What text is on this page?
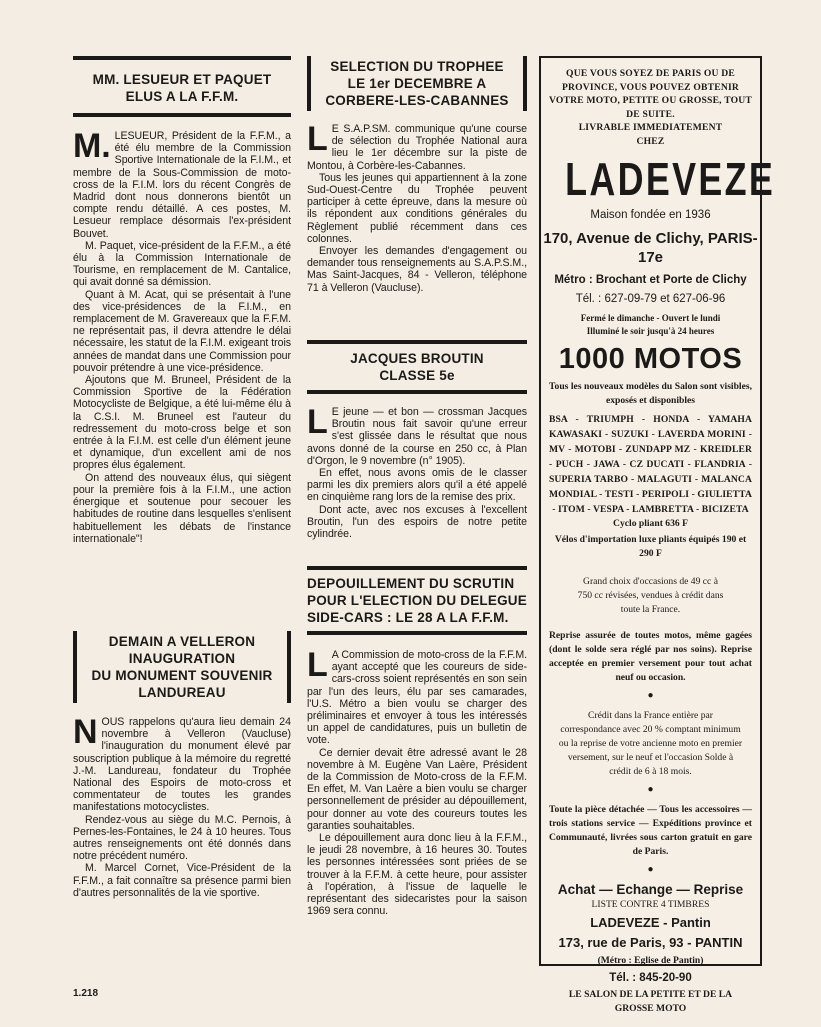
MM. LESUEUR ET PAQUET

ELUS A LA F.F.M.

M. LESUEUR, Président de la F.F.M., a été élu membre de la Commission Sportive Internationale de la F.I.M., et membre de la Sous-Commission de moto-cross de la F.I.M. lors du récent Congrès de Madrid dont nous donnerons bientôt un compte rendu détaillé. A ces postes, M. Lesueur remplace désormais l'ex-président Bouvet.

M. Paquet, vice-président de la F.F.M., a été élu à la Commission Internationale de Tourisme, en remplacement de M. Cantalice, qui avait donné sa démission.

Quant à M. Acat, qui se présentait à l'une des vice-présidences de la F.I.M., en remplacement de M. Gravereaux que la F.F.M. ne représentait pas, il devra attendre le délai nécessaire, les statut de la F.I.M. exigeant trois années de mandat dans une Commission pour pouvoir prétendre à une vice-présidence.

Ajoutons que M. Bruneel, Président de la Commission Sportive de la Fédération Motocycliste de Belgique, a été lui-même élu à la C.S.I. M. Bruneel est l'auteur du redressement du moto-cross belge et son entrée à la F.I.M. est celle d'un élément jeune et dynamique, d'un excellent ami de nos propres élus également.

On attend des nouveaux élus, qui siègent pour la première fois à la F.I.M., une action énergique et soutenue pour secouer les habitudes de routine dans lesquelles s'enlisent habituellement les débats de l'instance internationale"!

DEMAIN A VELLERON

INAUGURATION

DU MONUMENT SOUVENIR

LANDUREAU

NOUS rappelons qu'aura lieu demain 24 novembre à Velleron (Vaucluse) l'inauguration du monument élevé par souscription publique à la mémoire du regretté J.-M. Landureau, fondateur du Trophée National des Espoirs de moto-cross et commentateur de toutes les grandes manifestations motocyclistes.

Rendez-vous au siège du M.C. Pernois, à Pernes-les-Fontaines, le 24 à 10 heures. Tous autres renseignements ont été donnés dans notre précédent numéro.

M. Marcel Cornet, Vice-Président de la F.F.M., a fait connaître sa présence parmi bien d'autres personnalités de la vie sportive.

1.218

SELECTION DU TROPHEE

LE 1er DECEMBRE A

CORBERE-LES-CABANNES

L E S.A.P.SM. communique qu'une course de sélection du Trophée National aura lieu le 1er décembre sur la piste de Montou, à Corbère-les-Cabannes.

Tous les jeunes qui appartiennent à la zone Sud-Ouest-Centre du Trophée peuvent participer à cette épreuve, dans la mesure où ils répondent aux conditions générales du Règlement publié récemment dans ces colonnes.

Envoyer les demandes d'engagement ou demander tous renseignements au S.A.P.S.M., Mas Saint-Jacques, 84 - Velleron, téléphone 71 à Velleron (Vaucluse).

JACQUES BROUTIN

CLASSE 5e

L E jeune — et bon — crossman Jacques Broutin nous fait savoir qu'une erreur s'est glissée dans le résultat que nous avons donné de la course en 250 cc, à Plan d'Orgon, le 9 novembre (n° 1905).

En effet, nous avons omis de le classer parmi les dix premiers alors qu'il a été appelé en cinquième rang lors de la remise des prix.

Dont acte, avec nos excuses à l'excellent Broutin, l'un des espoirs de notre petite cylindrée.

DEPOUILLEMENT DU SCRUTIN

POUR L'ELECTION DU DELEGUE

SIDE-CARS : LE 28 A LA F.F.M.

L A Commission de moto-cross de la F.F.M. ayant accepté que les coureurs de side-cars-cross soient représentés en son sein par l'un des leurs, élu par ses camarades, l'U.S. Métro a bien voulu se charger des préliminaires et envoyer à tous les intéressés un appel de candidatures, puis un bulletin de vote.

Ce dernier devait être adressé avant le 28 novembre à M. Eugène Van Laère, Président de la Commission de Moto-cross de la F.F.M. En effet, M. Van Laère a bien voulu se charger personnellement de présider au dépouillement, pour donner au vote des coureurs toutes les garanties souhaitables.

Le dépouillement aura donc lieu à la F.F.M., le jeudi 28 novembre, à 16 heures 30. Toutes les personnes intéressées sont priées de se trouver à la F.F.M. à cette heure, pour assister à l'opération, à l'issue de laquelle le représentant des sidecaristes pour la saison 1969 sera connu.

QUE VOUS SOYEZ DE PARIS OU DE PROVINCE, VOUS POUVEZ OBTENIR VOTRE MOTO, PETITE OU GROSSE, TOUT DE SUITE.
LIVRABLE IMMEDIATEMENT
CHEZ
LADEVEZE
Maison fondée en 1936
170, Avenue de Clichy, PARIS-17e
Métro : Brochant et Porte de Clichy
Tél. : 627-09-79 et 627-06-96
Fermé le dimanche - Ouvert le lundi
Illuminé le soir jusqu'à 24 heures
1000 MOTOS
Tous les nouveaux modèles du Salon sont visibles, exposés et disponibles
BSA - TRIUMPH - HONDA - YAMAHA KAWASAKI - SUZUKI - LAVERDA MORINI - MV - MOTOBI - ZUNDAPP MZ - KREIDLER - PUCH - JAWA - CZ DUCATI - FLANDRIA - SUPERIA TARBO - MALAGUTI - MALANCA MONDIAL - TESTI - PERIPOLI - GIULIETTA - ITOM - VESPA - LAMBRETTA - BICIZETA
Cyclo pliant 636 F
Vélos d'importation luxe pliants équipés 190 et 290 F
Grand choix d'occasions de 49 cc à 750 cc révisées, vendues à crédit dans toute la France.
Reprise assurée de toutes motos, même gagées (dont le solde sera réglé par nos soins). Reprise acceptée en premier versement pour tout achat neuf ou occasion.
●
Crédit dans la France entière par correspondance avec 20 % comptant minimum ou la reprise de votre ancienne moto en premier versement, sur le neuf et l'occasion Solde à crédit de 6 à 18 mois.
●
Toute la pièce détachée — Tous les accessoires — trois stations service — Expéditions province et Communauté, livrées sous carton gratuit en gare de Paris.
●
Achat — Echange — Reprise
LISTE CONTRE 4 TIMBRES
LADEVEZE - Pantin
173, rue de Paris, 93 - PANTIN
(Métro : Eglise de Pantin)
Tél. : 845-20-90
LE SALON DE LA PETITE ET DE LA GROSSE MOTO
